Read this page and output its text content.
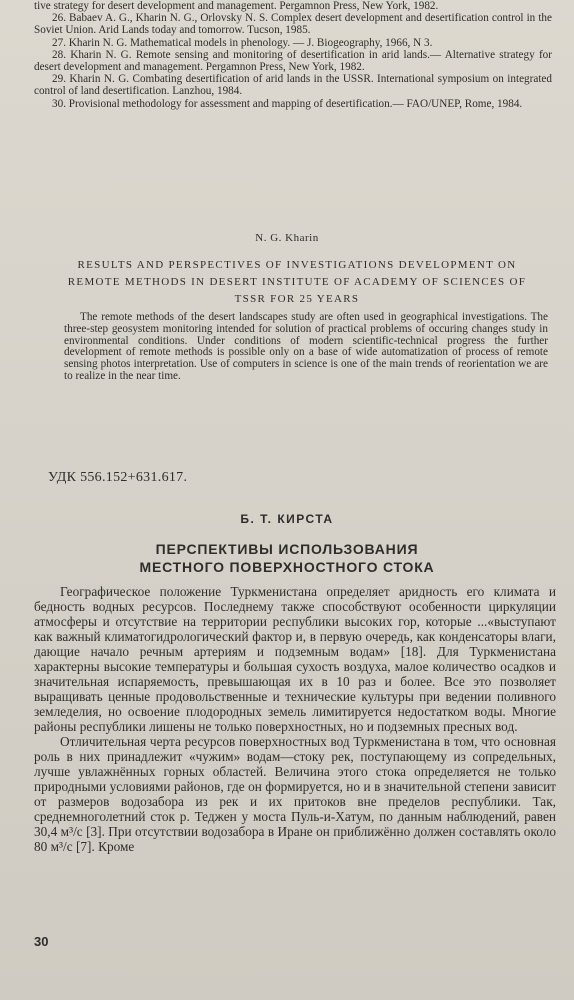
tive strategy for desert development and management. Pergamnon Press, New York, 1982.

26. Babaev A. G., Kharin N. G., Orlovsky N. S. Complex desert development and desertification control in the Soviet Union. Arid Lands today and tomorrow. Tucson, 1985.

27. Kharin N. G. Mathematical models in phenology. — J. Biogeography, 1966, N 3.

28. Kharin N. G. Remote sensing and monitoring of desertification in arid lands.— Alternative strategy for desert development and management. Pergamnon Press, New York, 1982.

29. Kharin N. G. Combating desertification of arid lands in the USSR. International symposium on integrated control of land desertification. Lanzhou, 1984.

30. Provisional methodology for assessment and mapping of desertification.— FAO/UNEP, Rome, 1984.

N. G. Kharin
RESULTS AND PERSPECTIVES OF INVESTIGATIONS DEVELOPMENT ON REMOTE METHODS IN DESERT INSTITUTE OF ACADEMY OF SCIENCES OF TSSR FOR 25 YEARS

The remote methods of the desert landscapes study are often used in geographical investigations. The three-step geosystem monitoring intended for solution of practical problems of occuring changes study in environmental conditions. Under conditions of modern scientific-technical progress the further development of remote methods is possible only on a base of wide automatization of process of remote sensing photos interpretation. Use of computers in science is one of the main trends of reorientation we are to realize in the near time.

УДК 556.152+631.617.
Б. Т. КИРСТА
ПЕРСПЕКТИВЫ ИСПОЛЬЗОВАНИЯ
МЕСТНОГО ПОВЕРХНОСТНОГО СТОКА

Географическое положение Туркменистана определяет аридность его климата и бедность водных ресурсов. Последнему также способствуют особенности циркуляции атмосферы и отсутствие на территории республики высоких гор, которые ...«выступают как важный климатогидрологический фактор и, в первую очередь, как конденсаторы влаги, дающие начало речным артериям и подземным водам» [18]. Для Туркменистана характерны высокие температуры и большая сухость воздуха, малое количество осадков и значительная испаряемость, превышающая их в 10 раз и более. Все это позволяет выращивать ценные продовольственные и технические культуры при ведении поливного земледелия, но освоение плодородных земель лимитируется недостатком воды. Многие районы республики лишены не только поверхностных, но и подземных пресных вод.

Отличительная черта ресурсов поверхностных вод Туркменистана в том, что основная роль в них принадлежит «чужим» водам—стоку рек, поступающему из сопредельных, лучше увлажнённых горных областей. Величина этого стока определяется не только природными условиями районов, где он формируется, но и в значительной степени зависит от размеров водозабора из рек и их притоков вне пределов республики. Так, среднемноголетний сток р. Теджен у моста Пуль-и-Хатум, по данным наблюдений, равен 30,4 м³/с [3]. При отсутствии водозабора в Иране он приближённо должен составлять около 80 м³/с [7]. Кроме

30
